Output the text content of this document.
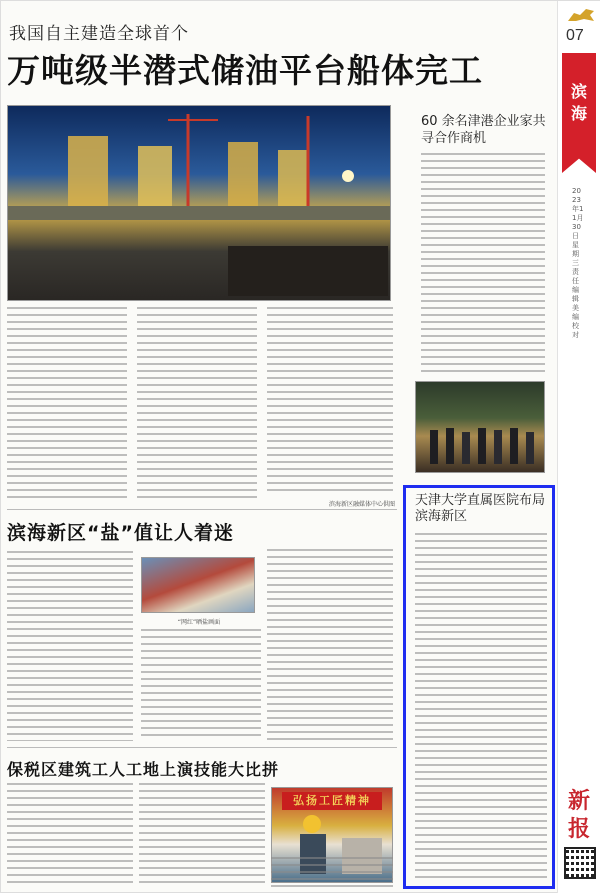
我国自主建造全球首个
万吨级半潜式储油平台船体完工
60 余名津港企业家共寻合作商机
滨海新区融媒体中心供图
滨海新区“盐”值让人着迷
“网红”晒盐画面
保税区建筑工人工地上演技能大比拼
弘扬工匠精神
天津大学直属医院布局滨海新区
07
滨海
2023年11月30日 星期三 责任编辑 美编 校对
新报
